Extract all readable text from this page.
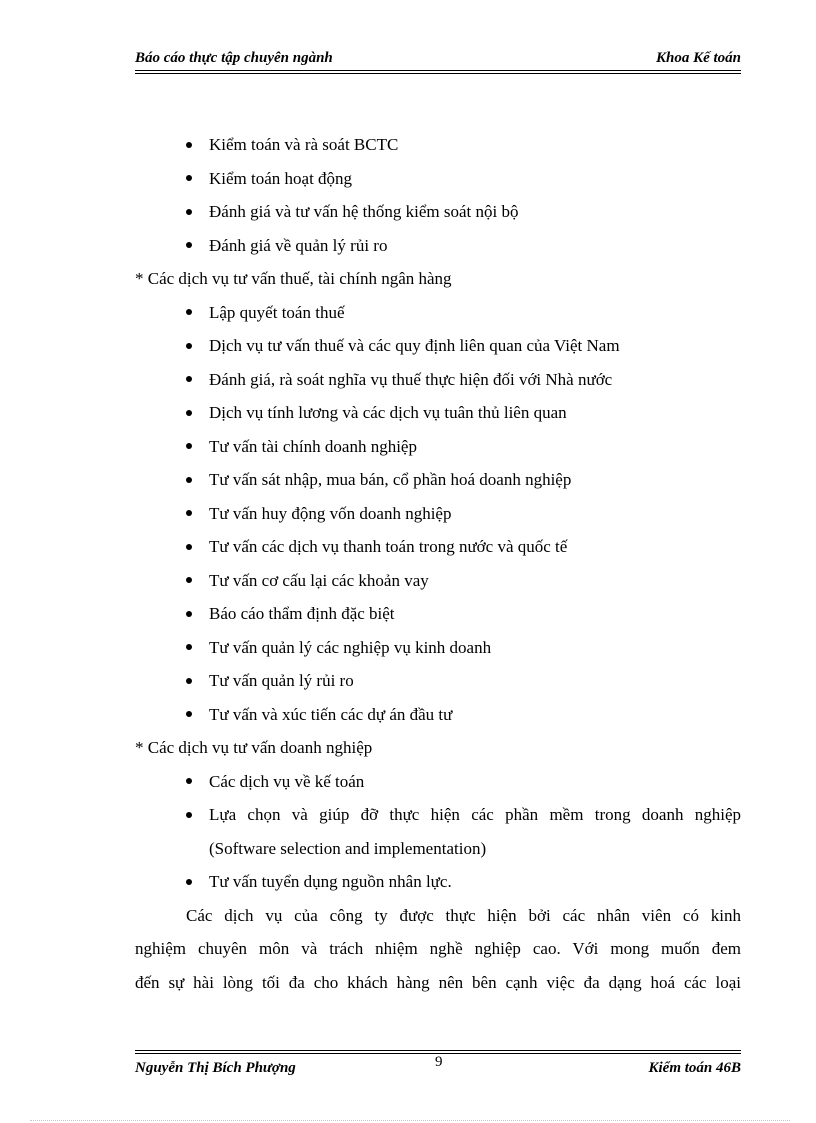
Báo cáo thực tập chuyên ngành	Khoa Kế toán
Kiểm toán và rà soát BCTC
Kiểm toán hoạt động
Đánh giá và tư vấn hệ thống kiểm soát nội bộ
Đánh giá về quản lý rủi ro
* Các dịch vụ tư vấn thuế, tài chính ngân hàng
Lập quyết toán thuế
Dịch vụ tư vấn thuế và các quy định liên quan của Việt Nam
Đánh giá, rà soát nghĩa vụ thuế thực hiện đối với Nhà nước
Dịch vụ tính lương và các dịch vụ tuân thủ liên quan
Tư vấn tài chính doanh nghiệp
Tư vấn sát nhập, mua bán, cổ phần hoá doanh nghiệp
Tư vấn huy động vốn doanh nghiệp
Tư vấn các dịch vụ thanh toán trong nước và quốc tế
Tư vấn cơ cấu lại các khoản vay
Báo cáo thẩm định đặc biệt
Tư vấn quản lý các nghiệp vụ kinh doanh
Tư vấn quản lý rủi ro
Tư vấn và xúc tiến các dự án đầu tư
* Các dịch vụ tư vấn doanh nghiệp
Các dịch vụ về kế toán
Lựa chọn và giúp đỡ thực hiện các phần mềm trong doanh nghiệp
(Software selection and implementation)
Tư vấn tuyển dụng nguồn nhân lực.
Các dịch vụ của công ty được thực hiện bởi các nhân viên có kinh
nghiệm chuyên môn và trách nhiệm nghề nghiệp cao. Với mong muốn đem
đến sự hài lòng tối đa cho khách hàng nên bên cạnh việc đa dạng hoá các loại
Nguyễn Thị Bích Phượng	9	Kiểm toán 46B
